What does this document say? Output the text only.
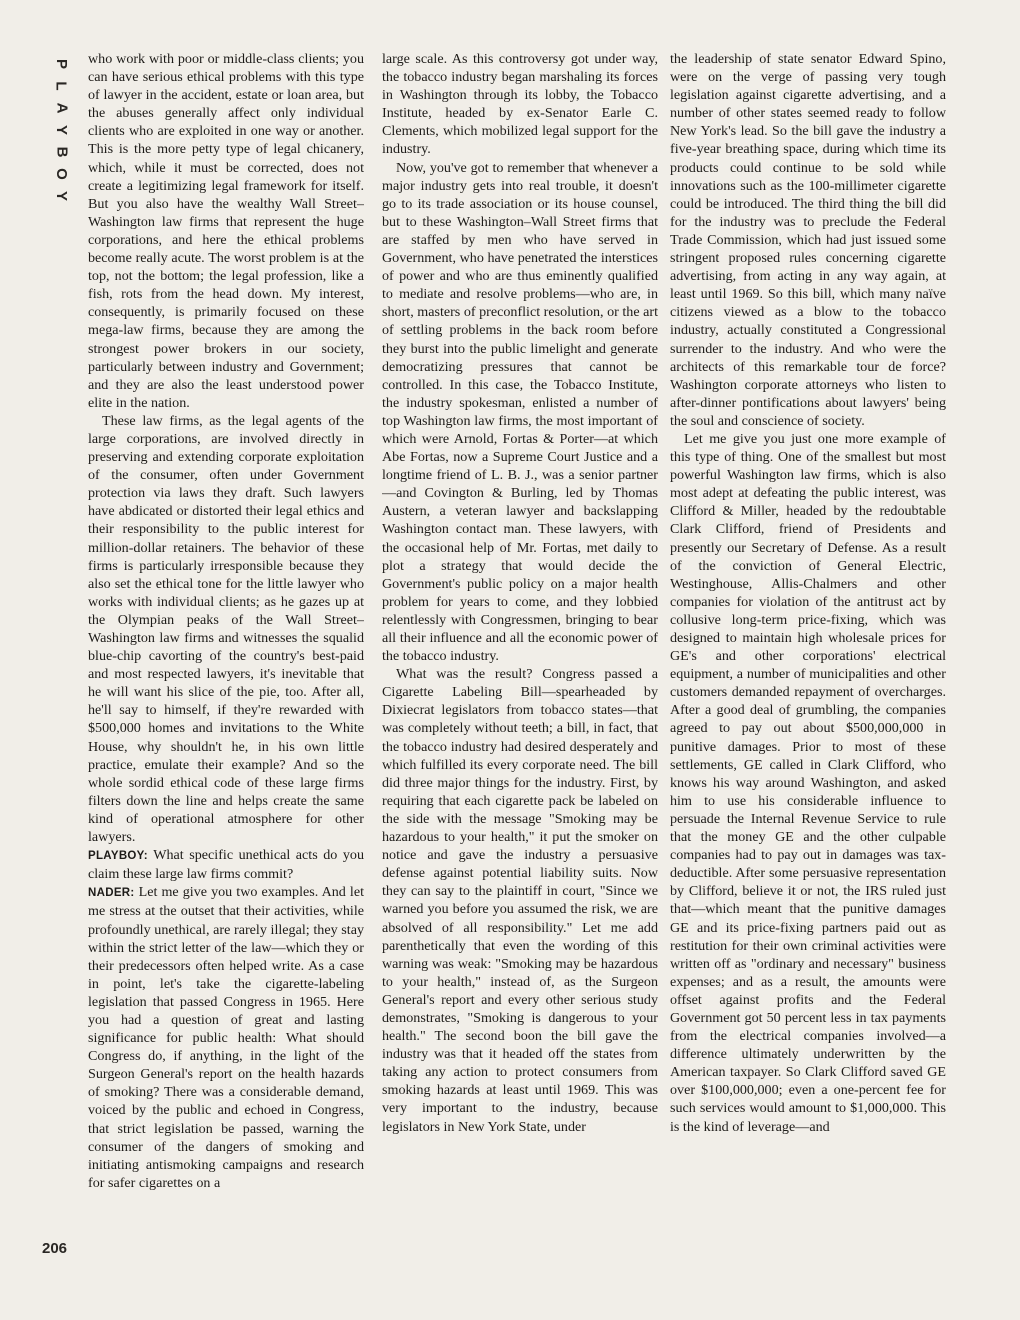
P
L
A
Y
B
O
Y
206

who work with poor or middle-class clients; you can have serious ethical problems with this type of lawyer in the accident, estate or loan area, but the abuses generally affect only individual clients who are exploited in one way or another. This is the more petty type of legal chicanery, which, while it must be corrected, does not create a legitimizing legal framework for itself. But you also have the wealthy Wall Street–Washington law firms that represent the huge corporations, and here the ethical problems become really acute. The worst problem is at the top, not the bottom; the legal profession, like a fish, rots from the head down. My interest, consequently, is primarily focused on these mega-law firms, because they are among the strongest power brokers in our society, particularly between industry and Government; and they are also the least understood power elite in the nation.

These law firms, as the legal agents of the large corporations, are involved directly in preserving and extending corporate exploitation of the consumer, often under Government protection via laws they draft. Such lawyers have abdicated or distorted their legal ethics and their responsibility to the public interest for million-dollar retainers. The behavior of these firms is particularly irresponsible because they also set the ethical tone for the little lawyer who works with individual clients; as he gazes up at the Olympian peaks of the Wall Street–Washington law firms and witnesses the squalid blue-chip cavorting of the country's best-paid and most respected lawyers, it's inevitable that he will want his slice of the pie, too. After all, he'll say to himself, if they're rewarded with $500,000 homes and invitations to the White House, why shouldn't he, in his own little practice, emulate their example? And so the whole sordid ethical code of these large firms filters down the line and helps create the same kind of operational atmosphere for other lawyers.

PLAYBOY: What specific unethical acts do you claim these large law firms commit?

NADER: Let me give you two examples. And let me stress at the outset that their activities, while profoundly unethical, are rarely illegal; they stay within the strict letter of the law—which they or their predecessors often helped write. As a case in point, let's take the cigarette-labeling legislation that passed Congress in 1965. Here you had a question of great and lasting significance for public health: What should Congress do, if anything, in the light of the Surgeon General's report on the health hazards of smoking? There was a considerable demand, voiced by the public and echoed in Congress, that strict legislation be passed, warning the consumer of the dangers of smoking and initiating antismoking campaigns and research for safer cigarettes on a

large scale. As this controversy got under way, the tobacco industry began marshaling its forces in Washington through its lobby, the Tobacco Institute, headed by ex-Senator Earle C. Clements, which mobilized legal support for the industry.

Now, you've got to remember that whenever a major industry gets into real trouble, it doesn't go to its trade association or its house counsel, but to these Washington–Wall Street firms that are staffed by men who have served in Government, who have penetrated the interstices of power and who are thus eminently qualified to mediate and resolve problems—who are, in short, masters of preconflict resolution, or the art of settling problems in the back room before they burst into the public limelight and generate democratizing pressures that cannot be controlled. In this case, the Tobacco Institute, the industry spokesman, enlisted a number of top Washington law firms, the most important of which were Arnold, Fortas & Porter—at which Abe Fortas, now a Supreme Court Justice and a longtime friend of L. B. J., was a senior partner—and Covington & Burling, led by Thomas Austern, a veteran lawyer and backslapping Washington contact man. These lawyers, with the occasional help of Mr. Fortas, met daily to plot a strategy that would decide the Government's public policy on a major health problem for years to come, and they lobbied relentlessly with Congressmen, bringing to bear all their influence and all the economic power of the tobacco industry.

What was the result? Congress passed a Cigarette Labeling Bill—spearheaded by Dixiecrat legislators from tobacco states—that was completely without teeth; a bill, in fact, that the tobacco industry had desired desperately and which fulfilled its every corporate need. The bill did three major things for the industry. First, by requiring that each cigarette pack be labeled on the side with the message "Smoking may be hazardous to your health," it put the smoker on notice and gave the industry a persuasive defense against potential liability suits. Now they can say to the plaintiff in court, "Since we warned you before you assumed the risk, we are absolved of all responsibility." Let me add parenthetically that even the wording of this warning was weak: "Smoking may be hazardous to your health," instead of, as the Surgeon General's report and every other serious study demonstrates, "Smoking is dangerous to your health." The second boon the bill gave the industry was that it headed off the states from taking any action to protect consumers from smoking hazards at least until 1969. This was very important to the industry, because legislators in New York State, under

the leadership of state senator Edward Spino, were on the verge of passing very tough legislation against cigarette advertising, and a number of other states seemed ready to follow New York's lead. So the bill gave the industry a five-year breathing space, during which time its products could continue to be sold while innovations such as the 100-millimeter cigarette could be introduced. The third thing the bill did for the industry was to preclude the Federal Trade Commission, which had just issued some stringent proposed rules concerning cigarette advertising, from acting in any way again, at least until 1969. So this bill, which many naïve citizens viewed as a blow to the tobacco industry, actually constituted a Congressional surrender to the industry. And who were the architects of this remarkable tour de force? Washington corporate attorneys who listen to after-dinner pontifications about lawyers' being the soul and conscience of society.

Let me give you just one more example of this type of thing. One of the smallest but most powerful Washington law firms, which is also most adept at defeating the public interest, was Clifford & Miller, headed by the redoubtable Clark Clifford, friend of Presidents and presently our Secretary of Defense. As a result of the conviction of General Electric, Westinghouse, Allis-Chalmers and other companies for violation of the antitrust act by collusive long-term price-fixing, which was designed to maintain high wholesale prices for GE's and other corporations' electrical equipment, a number of municipalities and other customers demanded repayment of overcharges. After a good deal of grumbling, the companies agreed to pay out about $500,000,000 in punitive damages. Prior to most of these settlements, GE called in Clark Clifford, who knows his way around Washington, and asked him to use his considerable influence to persuade the Internal Revenue Service to rule that the money GE and the other culpable companies had to pay out in damages was tax-deductible. After some persuasive representation by Clifford, believe it or not, the IRS ruled just that—which meant that the punitive damages GE and its price-fixing partners paid out as restitution for their own criminal activities were written off as "ordinary and necessary" business expenses; and as a result, the amounts were offset against profits and the Federal Government got 50 percent less in tax payments from the electrical companies involved—a difference ultimately underwritten by the American taxpayer. So Clark Clifford saved GE over $100,000,000; even a one-percent fee for such services would amount to $1,000,000. This is the kind of leverage—and
